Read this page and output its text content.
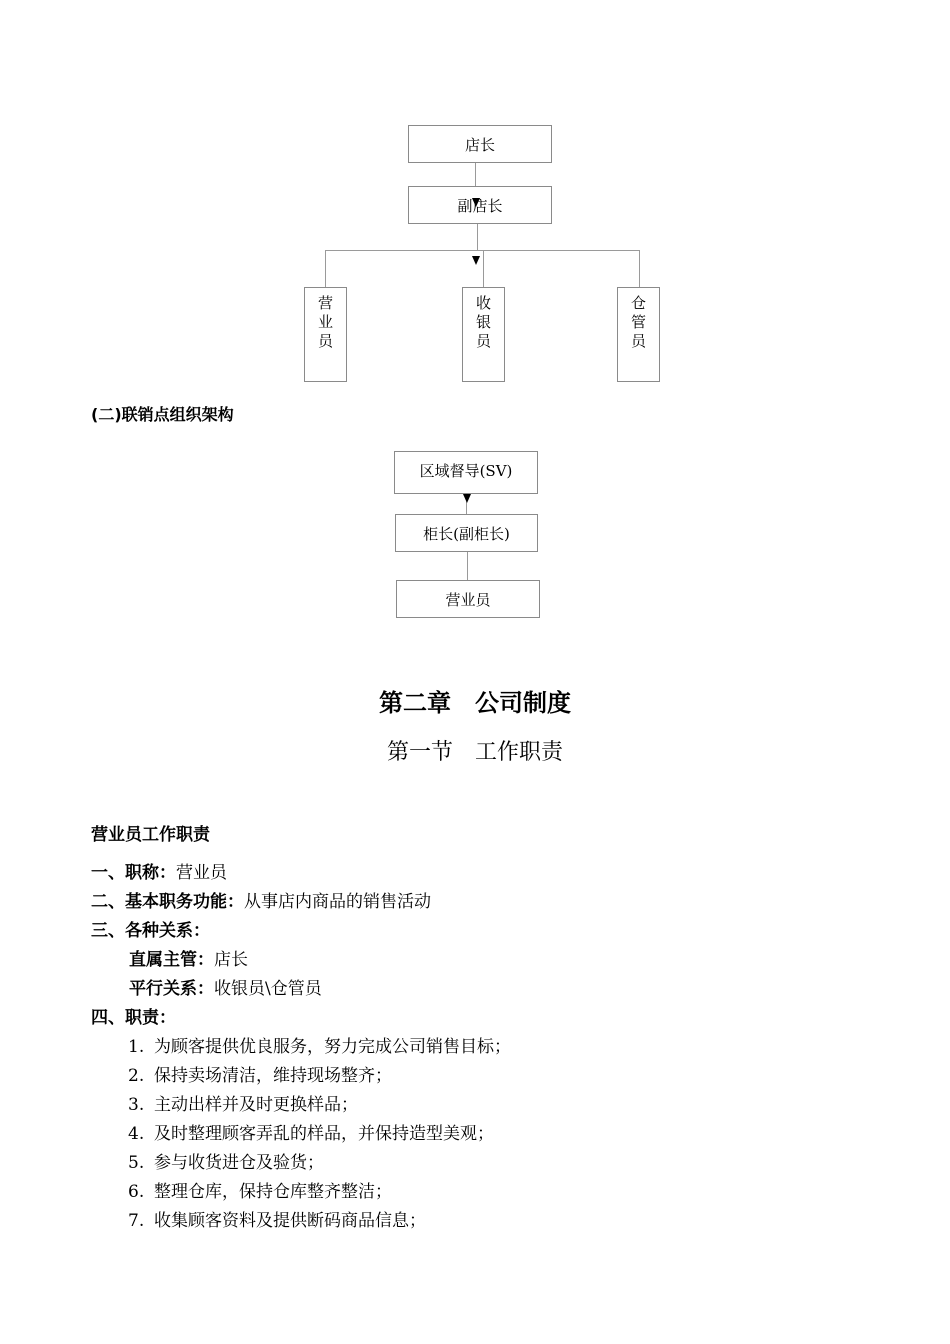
店长
副店长
营业员
收银员
仓管员
(二)联销点组织架构
区域督导(SV)
柜长(副柜长)
营业员
第二章　公司制度
第一节　工作职责
营业员工作职责
一、职称：营业员
二、基本职务功能：从事店内商品的销售活动
三、各种关系：
直属主管：店长
平行关系：收银员\仓管员
四、职责：
1. 为顾客提供优良服务，努力完成公司销售目标；
2. 保持卖场清洁，维持现场整齐；
3. 主动出样并及时更换样品；
4. 及时整理顾客弄乱的样品，并保持造型美观；
5. 参与收货进仓及验货；
6. 整理仓库，保持仓库整齐整洁；
7. 收集顾客资料及提供断码商品信息；
